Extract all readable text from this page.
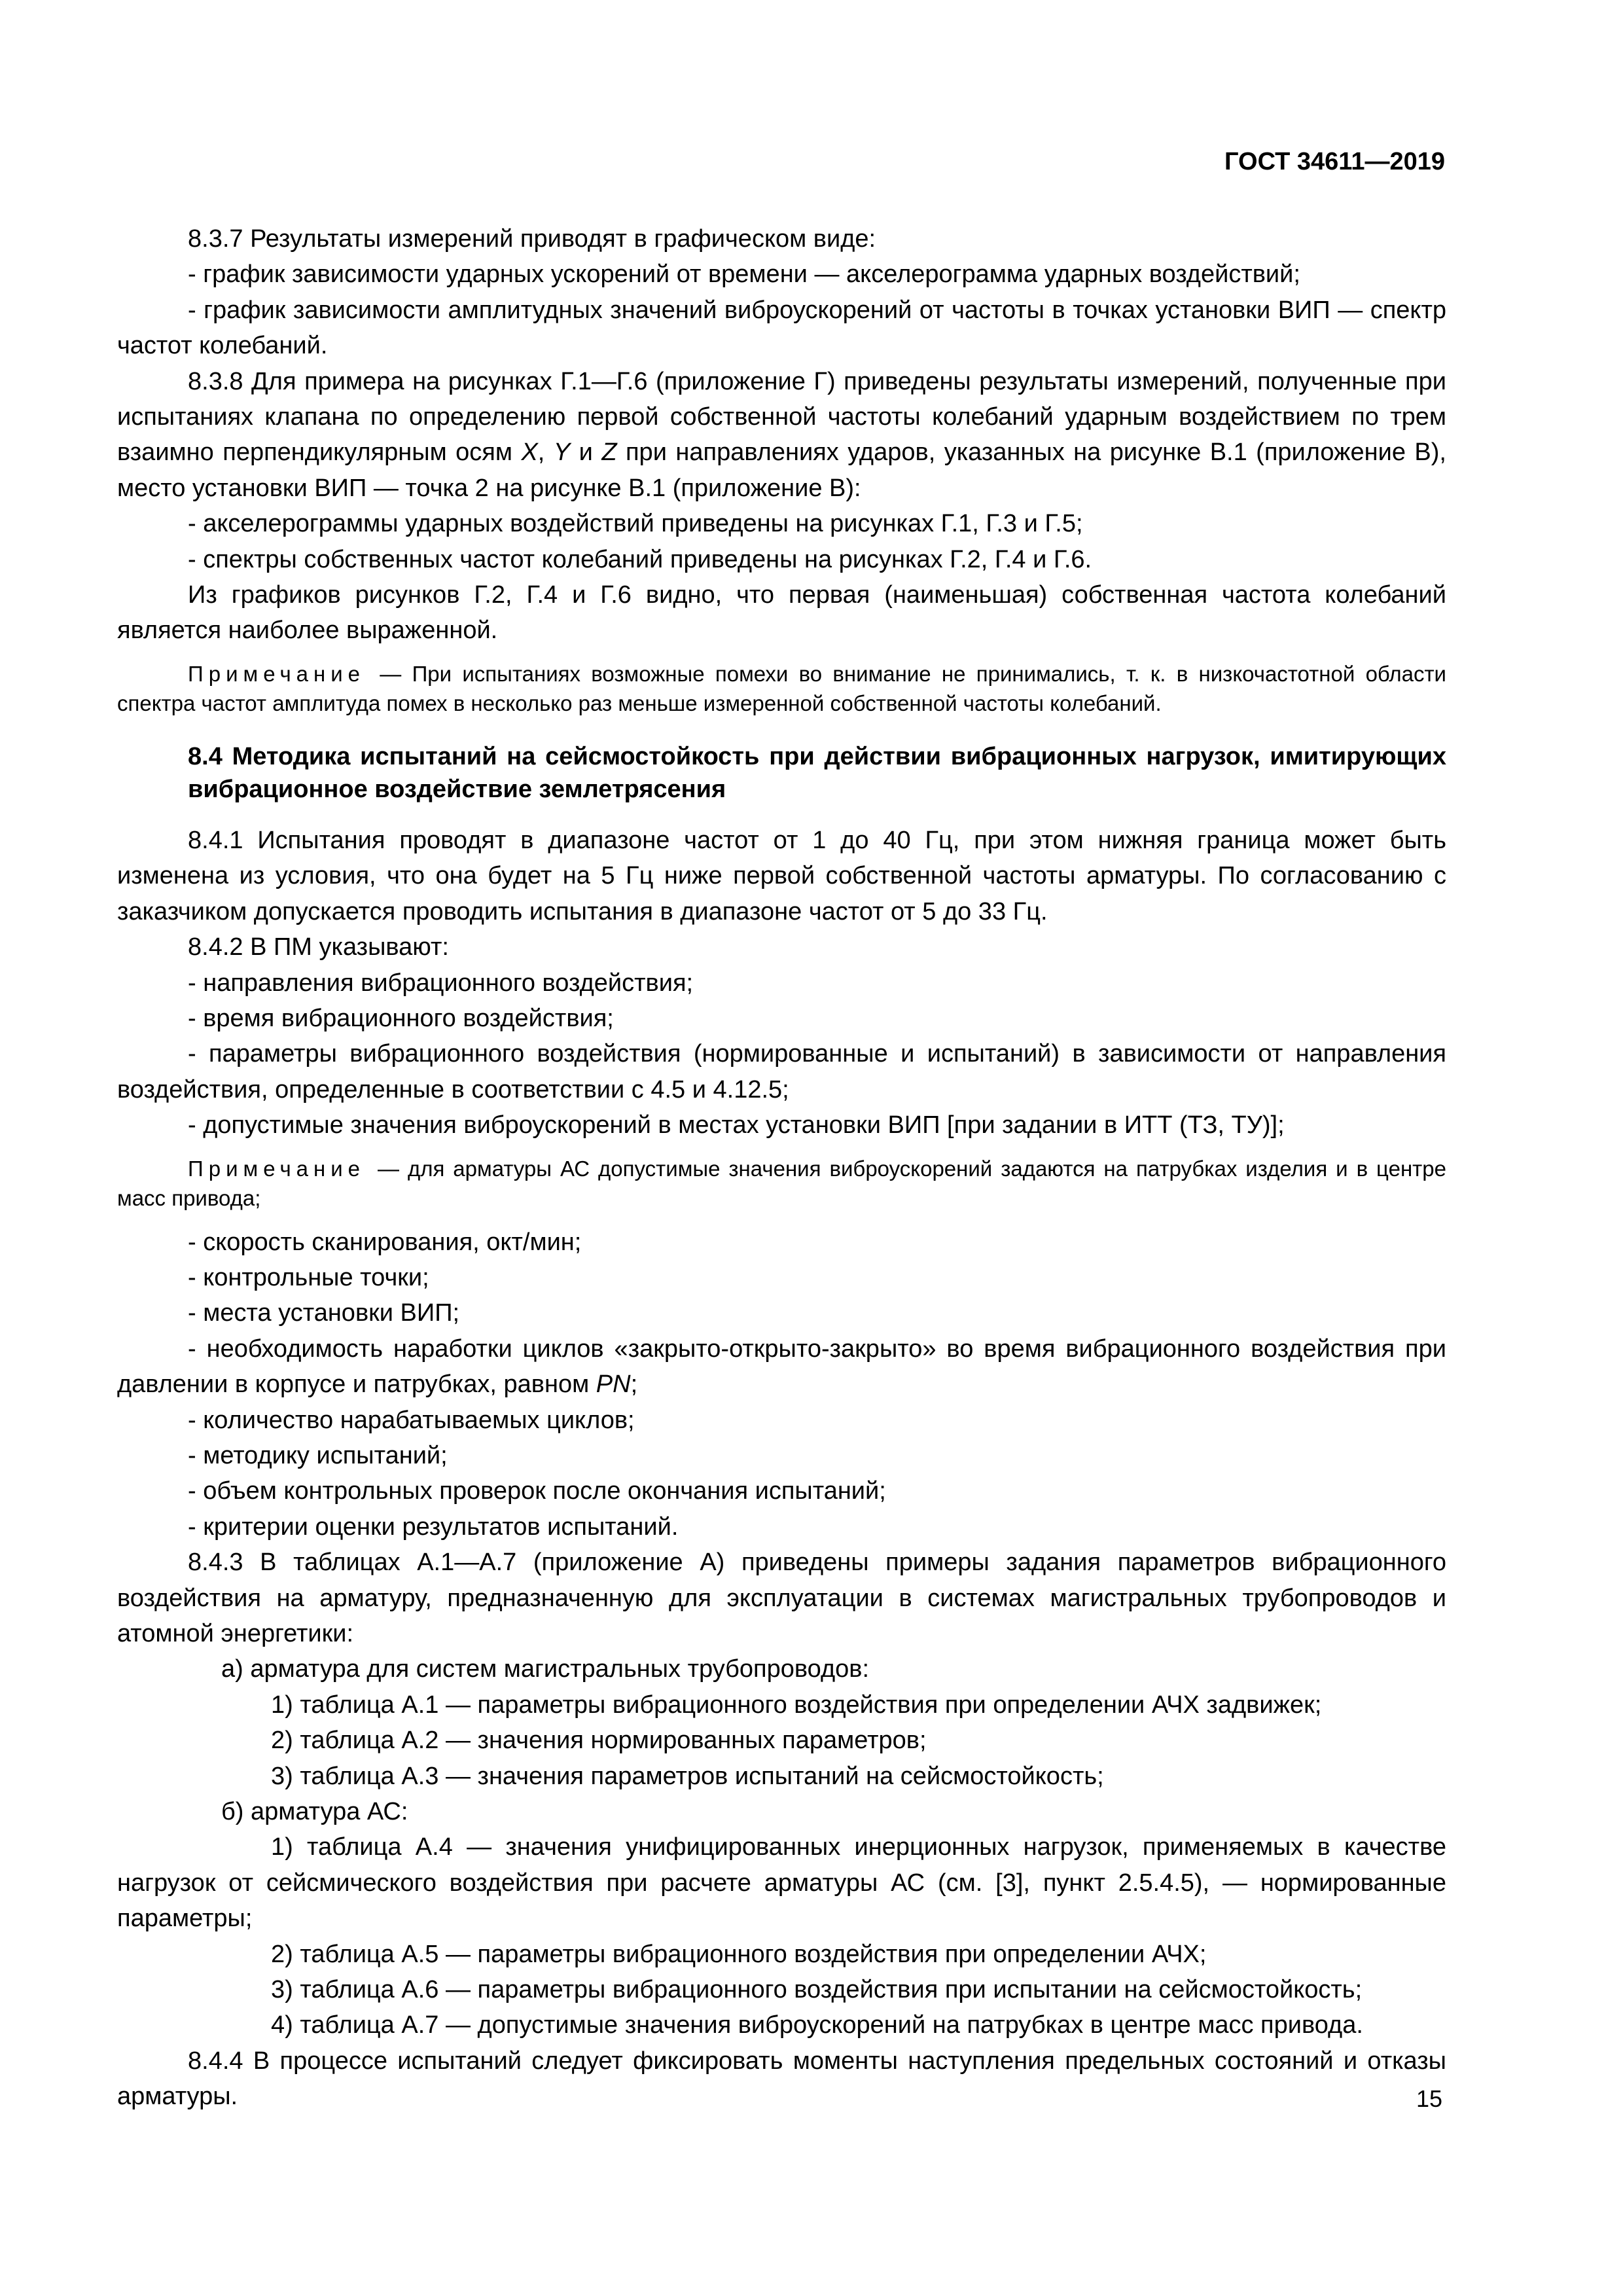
ГОСТ 34611—2019

8.3.7 Результаты измерений приводят в графическом виде:

- график зависимости ударных ускорений от времени — акселерограмма ударных воздействий;

- график зависимости амплитудных значений виброускорений от частоты в точках установки ВИП — спектр частот колебаний.

8.3.8 Для примера на рисунках Г.1—Г.6 (приложение Г) приведены результаты измерений, полученные при испытаниях клапана по определению первой собственной частоты колебаний ударным воздействием по трем взаимно перпендикулярным осям X, Y и Z при направлениях ударов, указанных на рисунке В.1 (приложение В), место установки ВИП — точка 2 на рисунке В.1 (приложение В):

- акселерограммы ударных воздействий приведены на рисунках Г.1, Г.3 и Г.5;

- спектры собственных частот колебаний приведены на рисунках Г.2, Г.4 и Г.6.

Из графиков рисунков Г.2, Г.4 и Г.6 видно, что первая (наименьшая) собственная частота колебаний является наиболее выраженной.

Примечание — При испытаниях возможные помехи во внимание не принимались, т. к. в низкочастотной области спектра частот амплитуда помех в несколько раз меньше измеренной собственной частоты колебаний.

8.4 Методика испытаний на сейсмостойкость при действии вибрационных нагрузок, имитирующих вибрационное воздействие землетрясения

8.4.1 Испытания проводят в диапазоне частот от 1 до 40 Гц, при этом нижняя граница может быть изменена из условия, что она будет на 5 Гц ниже первой собственной частоты арматуры. По согласованию с заказчиком допускается проводить испытания в диапазоне частот от 5 до 33 Гц.

8.4.2 В ПМ указывают:

- направления вибрационного воздействия;

- время вибрационного воздействия;

- параметры вибрационного воздействия (нормированные и испытаний) в зависимости от направления воздействия, определенные в соответствии с 4.5 и 4.12.5;

- допустимые значения виброускорений в местах установки ВИП [при задании в ИТТ (ТЗ, ТУ)];

Примечание — для арматуры АС допустимые значения виброускорений задаются на патрубках изделия и в центре масс привода;

- скорость сканирования, окт/мин;

- контрольные точки;

- места установки ВИП;

- необходимость наработки циклов «закрыто-открыто-закрыто» во время вибрационного воздействия при давлении в корпусе и патрубках, равном PN;

- количество нарабатываемых циклов;

- методику испытаний;

- объем контрольных проверок после окончания испытаний;

- критерии оценки результатов испытаний.

8.4.3 В таблицах А.1—А.7 (приложение А) приведены примеры задания параметров вибрационного воздействия на арматуру, предназначенную для эксплуатации в системах магистральных трубопроводов и атомной энергетики:

а) арматура для систем магистральных трубопроводов:

1) таблица А.1 — параметры вибрационного воздействия при определении АЧХ задвижек;

2) таблица А.2 — значения нормированных параметров;

3) таблица А.3 — значения параметров испытаний на сейсмостойкость;

б) арматура АС:

1) таблица А.4 — значения унифицированных инерционных нагрузок, применяемых в качестве нагрузок от сейсмического воздействия при расчете арматуры АС (см. [3], пункт 2.5.4.5), — нормированные параметры;

2) таблица А.5 — параметры вибрационного воздействия при определении АЧХ;

3) таблица А.6 — параметры вибрационного воздействия при испытании на сейсмостойкость;

4) таблица А.7 — допустимые значения виброускорений на патрубках в центре масс привода.

8.4.4 В процессе испытаний следует фиксировать моменты наступления предельных состояний и отказы арматуры.	15
